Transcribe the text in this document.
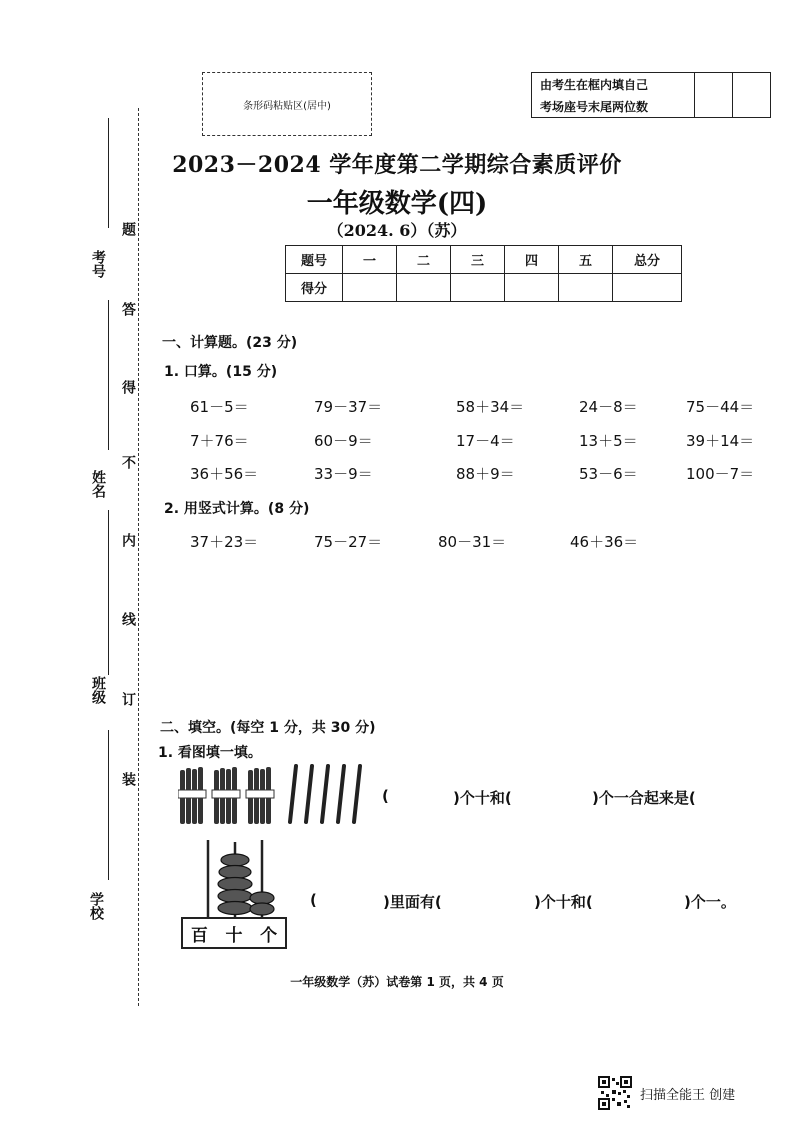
条形码粘贴区(居中)
由考生在框内填自己
考场座号末尾两位数
2023－2024 学年度第二学期综合素质评价
一年级数学(四)
（2024. 6）（苏）
题号	一	二	三	四	五	总分
得分						
考号
姓名
班级
学校
题
答
得
不
内
线
订
装
一、计算题。(23 分)
1. 口算。(15 分)
61－5＝	79－37＝	58＋34＝	24－8＝	75－44＝
7＋76＝	60－9＝	17－4＝	13＋5＝	39＋14＝
36＋56＝	33－9＝	88＋9＝	53－6＝	100－7＝
2. 用竖式计算。(8 分)
37＋23＝	75－27＝	80－31＝	46＋36＝
二、填空。(每空 1 分，共 30 分)
1. 看图填一填。
(	)个十和(	)个一合起来是(
百 十 个
(	)里面有(	)个十和(	)个一。
一年级数学（苏）试卷第 1 页，共 4 页
扫描全能王 创建
